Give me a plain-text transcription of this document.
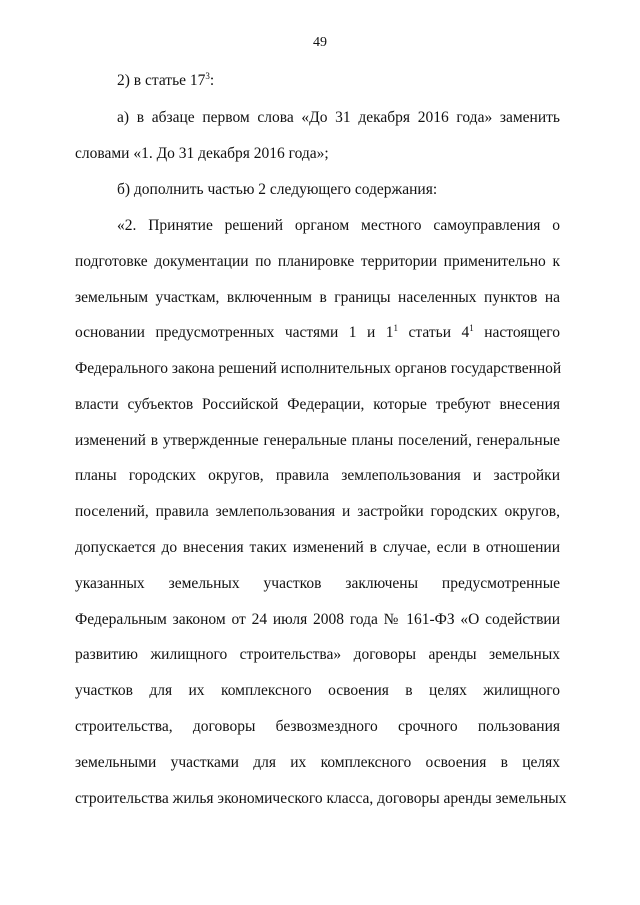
49
2) в статье $17^3$:
а) в абзаце первом слова «До 31 декабря 2016 года» заменить
словами «1. До 31 декабря 2016 года»;
б) дополнить частью 2 следующего содержания:
«2. Принятие решений органом местного самоуправления о
подготовке документации по планировке территории применительно к
земельным участкам, включенным в границы населенных пунктов на
основании предусмотренных частями 1 и $1^1$ статьи $4^1$ настоящего
Федерального закона решений исполнительных органов государственной
власти субъектов Российской Федерации, которые требуют внесения
изменений в утвержденные генеральные планы поселений, генеральные
планы городских округов, правила землепользования и застройки
поселений, правила землепользования и застройки городских округов,
допускается до внесения таких изменений в случае, если в отношении
указанных земельных участков заключены предусмотренные
Федеральным законом от 24 июля 2008 года № 161-ФЗ «О содействии
развитию жилищного строительства» договоры аренды земельных
участков для их комплексного освоения в целях жилищного
строительства, договоры безвозмездного срочного пользования
земельными участками для их комплексного освоения в целях
строительства жилья экономического класса, договоры аренды земельных
